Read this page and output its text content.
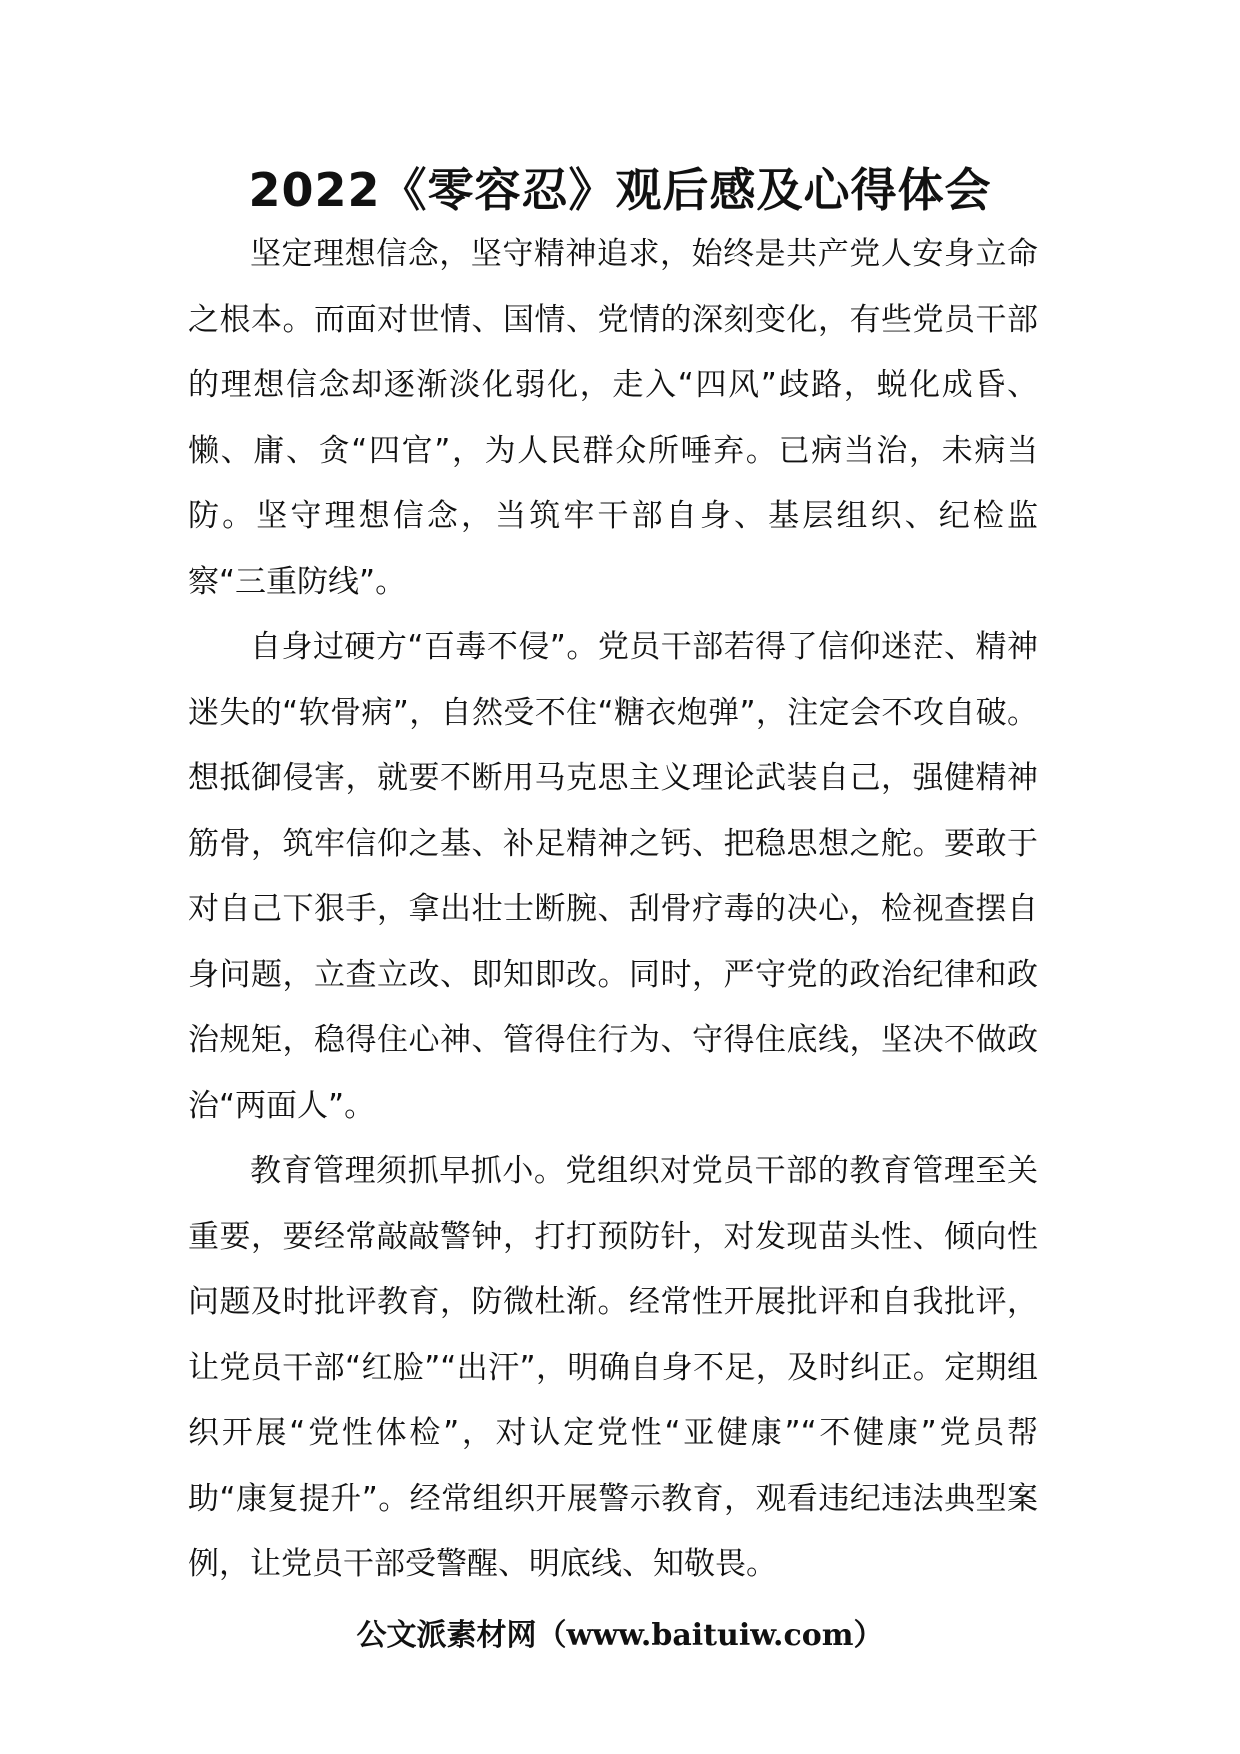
2022《零容忍》观后感及心得体会

坚定理想信念，坚守精神追求，始终是共产党人安身立命之根本。而面对世情、国情、党情的深刻变化，有些党员干部的理想信念却逐渐淡化弱化，走入“四风”歧路，蜕化成昏、懒、庸、贪“四官”，为人民群众所唾弃。已病当治，未病当防。坚守理想信念，当筑牢干部自身、基层组织、纪检监察“三重防线”。

自身过硬方“百毒不侵”。党员干部若得了信仰迷茫、精神迷失的“软骨病”，自然受不住“糖衣炮弹”，注定会不攻自破。想抵御侵害，就要不断用马克思主义理论武装自己，强健精神筋骨，筑牢信仰之基、补足精神之钙、把稳思想之舵。要敢于对自己下狠手，拿出壮士断腕、刮骨疗毒的决心，检视查摆自身问题，立查立改、即知即改。同时，严守党的政治纪律和政治规矩，稳得住心神、管得住行为、守得住底线，坚决不做政治“两面人”。

教育管理须抓早抓小。党组织对党员干部的教育管理至关重要，要经常敲敲警钟，打打预防针，对发现苗头性、倾向性问题及时批评教育，防微杜渐。经常性开展批评和自我批评，让党员干部“红脸”“出汗”，明确自身不足，及时纠正。定期组织开展“党性体检”，对认定党性“亚健康”“不健康”党员帮助“康复提升”。经常组织开展警示教育，观看违纪违法典型案例，让党员干部受警醒、明底线、知敬畏。

公文派素材网（www.baituiw.com）
